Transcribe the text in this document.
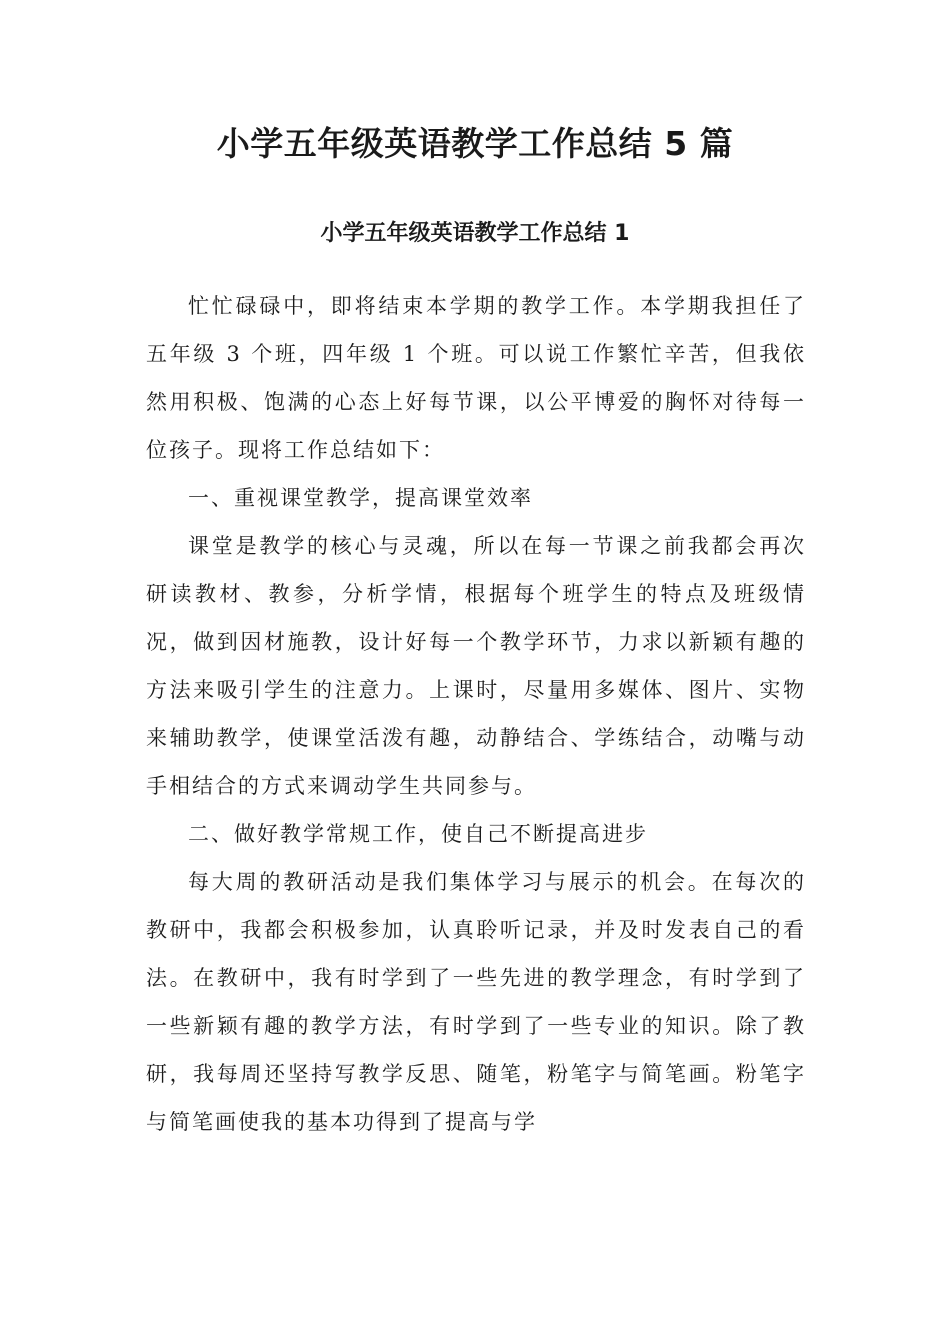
小学五年级英语教学工作总结 5 篇
小学五年级英语教学工作总结 1

忙忙碌碌中，即将结束本学期的教学工作。本学期我担任了五年级 3 个班，四年级 1 个班。可以说工作繁忙辛苦，但我依然用积极、饱满的心态上好每节课，以公平博爱的胸怀对待每一位孩子。现将工作总结如下：

一、重视课堂教学，提高课堂效率

课堂是教学的核心与灵魂，所以在每一节课之前我都会再次研读教材、教参，分析学情，根据每个班学生的特点及班级情况，做到因材施教，设计好每一个教学环节，力求以新颖有趣的方法来吸引学生的注意力。上课时，尽量用多媒体、图片、实物来辅助教学，使课堂活泼有趣，动静结合、学练结合，动嘴与动手相结合的方式来调动学生共同参与。

二、做好教学常规工作，使自己不断提高进步

每大周的教研活动是我们集体学习与展示的机会。在每次的教研中，我都会积极参加，认真聆听记录，并及时发表自己的看法。在教研中，我有时学到了一些先进的教学理念，有时学到了一些新颖有趣的教学方法，有时学到了一些专业的知识。除了教研，我每周还坚持写教学反思、随笔，粉笔字与简笔画。粉笔字与简笔画使我的基本功得到了提高与学
